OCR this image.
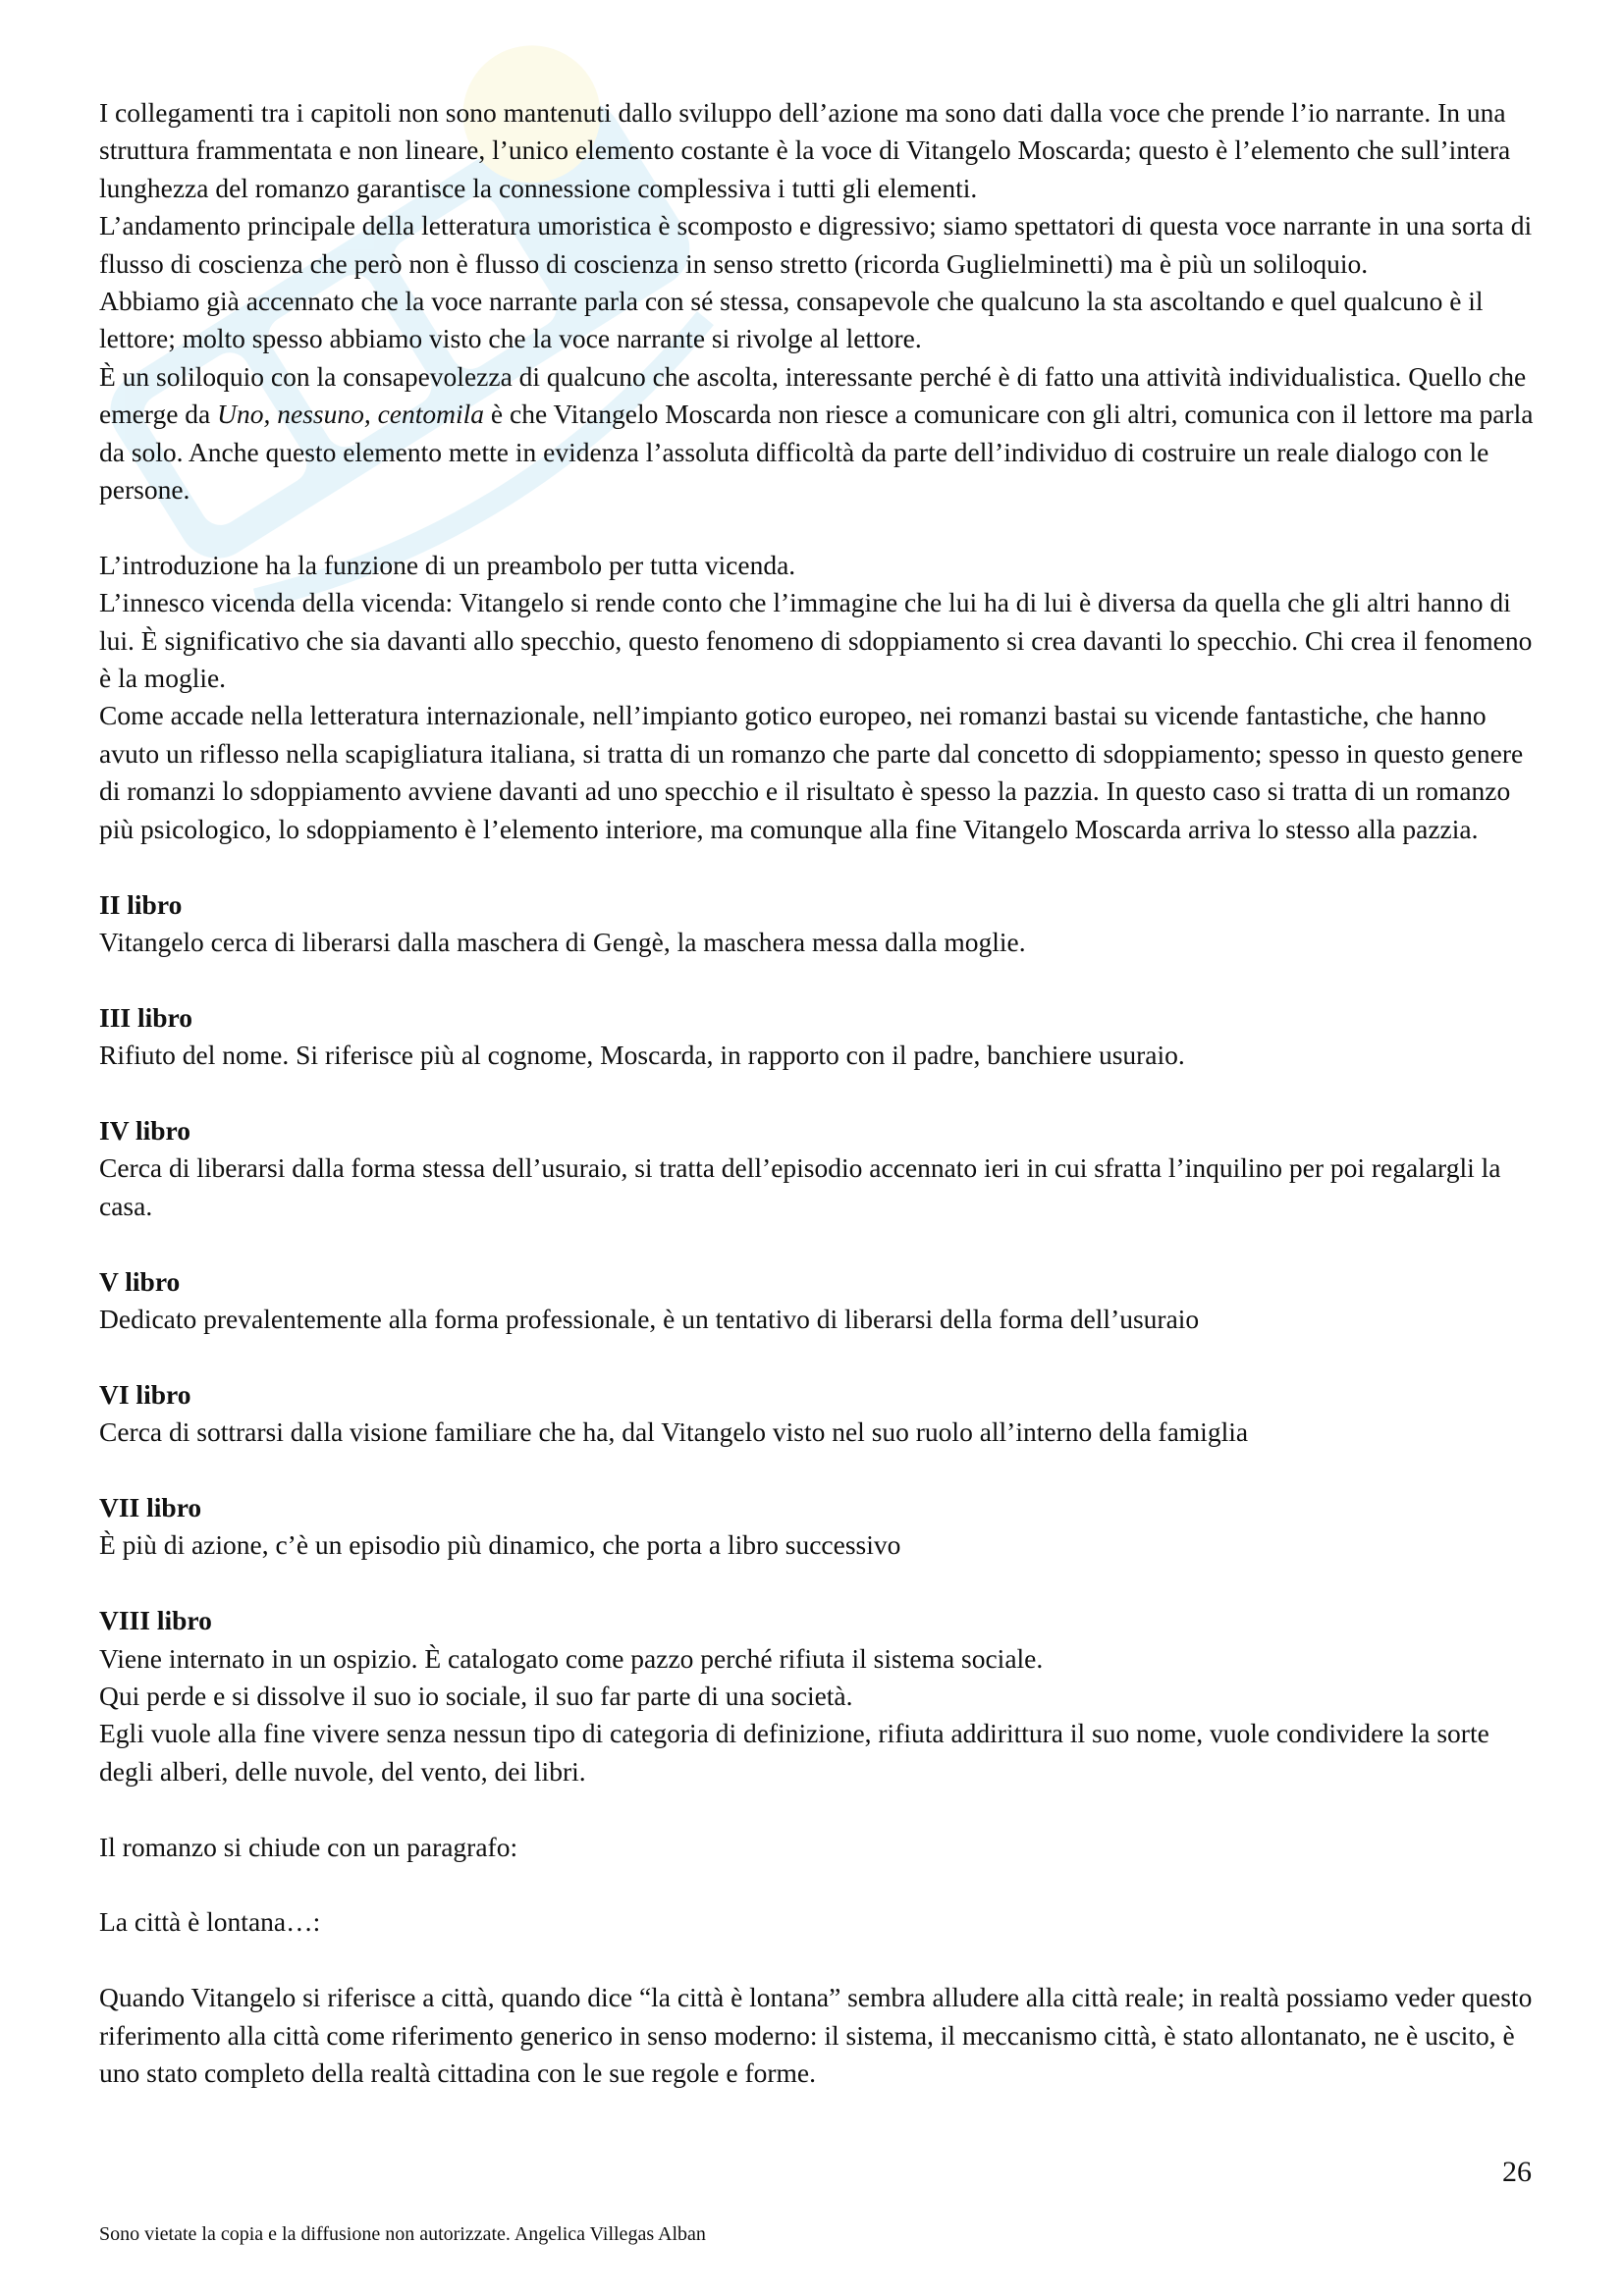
I collegamenti tra i capitoli non sono mantenuti dallo sviluppo dell’azione ma sono dati dalla voce che prende l’io narrante. In una struttura frammentata e non lineare, l’unico elemento costante è la voce di Vitangelo Moscarda; questo è l’elemento che sull’intera lunghezza del romanzo garantisce la connessione complessiva i tutti gli elementi.

L’andamento principale della letteratura umoristica è scomposto e digressivo; siamo spettatori di questa voce narrante in una sorta di flusso di coscienza che però non è flusso di coscienza in senso stretto (ricorda Guglielminetti) ma è più un soliloquio.

Abbiamo già accennato che la voce narrante parla con sé stessa, consapevole che qualcuno la sta ascoltando e quel qualcuno è il lettore; molto spesso abbiamo visto che la voce narrante si rivolge al lettore.

È un soliloquio con la consapevolezza di qualcuno che ascolta, interessante perché è di fatto una attività individualistica. Quello che emerge da Uno, nessuno, centomila è che Vitangelo Moscarda non riesce a comunicare con gli altri, comunica con il lettore ma parla da solo. Anche questo elemento mette in evidenza l’assoluta difficoltà da parte dell’individuo di costruire un reale dialogo con le persone.

L’introduzione ha la funzione di un preambolo per tutta vicenda.

L’innesco vicenda della vicenda: Vitangelo si rende conto che l’immagine che lui ha di lui è diversa da quella che gli altri hanno di lui. È significativo che sia davanti allo specchio, questo fenomeno di sdoppiamento si crea davanti lo specchio. Chi crea il fenomeno è la moglie.

Come accade nella letteratura internazionale, nell’impianto gotico europeo, nei romanzi bastai su vicende fantastiche, che hanno avuto un riflesso nella scapigliatura italiana, si tratta di un romanzo che parte dal concetto di sdoppiamento; spesso in questo genere di romanzi lo sdoppiamento avviene davanti ad uno specchio e il risultato è spesso la pazzia. In questo caso si tratta di un romanzo più psicologico, lo sdoppiamento è l’elemento interiore, ma comunque alla fine Vitangelo Moscarda arriva lo stesso alla pazzia.

II libro

Vitangelo cerca di liberarsi dalla maschera di Gengè, la maschera messa dalla moglie.

III libro

Rifiuto del nome. Si riferisce più al cognome, Moscarda, in rapporto con il padre, banchiere usuraio.

IV libro

Cerca di liberarsi dalla forma stessa dell’usuraio, si tratta dell’episodio accennato ieri in cui sfratta l’inquilino per poi regalargli la casa.

V libro

Dedicato prevalentemente alla forma professionale, è un tentativo di liberarsi della forma dell’usuraio

VI libro

Cerca di sottrarsi dalla visione familiare che ha, dal Vitangelo visto nel suo ruolo all’interno della famiglia

VII libro

È più di azione, c’è un episodio più dinamico, che porta a libro successivo

VIII libro

Viene internato in un ospizio. È catalogato come pazzo perché rifiuta il sistema sociale.

Qui perde e si dissolve il suo io sociale, il suo far parte di una società.

Egli vuole alla fine vivere senza nessun tipo di categoria di definizione, rifiuta addirittura il suo nome, vuole condividere la sorte degli alberi, delle nuvole, del vento, dei libri.

Il romanzo si chiude con un paragrafo:

La città è lontana…:

Quando Vitangelo si riferisce a città, quando dice “la città è lontana” sembra alludere alla città reale; in realtà possiamo veder questo riferimento alla città come riferimento generico in senso moderno: il sistema, il meccanismo città, è stato allontanato, ne è uscito, è uno stato completo della realtà cittadina con le sue regole e forme.

26
Sono vietate la copia e la diffusione non autorizzate. Angelica Villegas Alban
